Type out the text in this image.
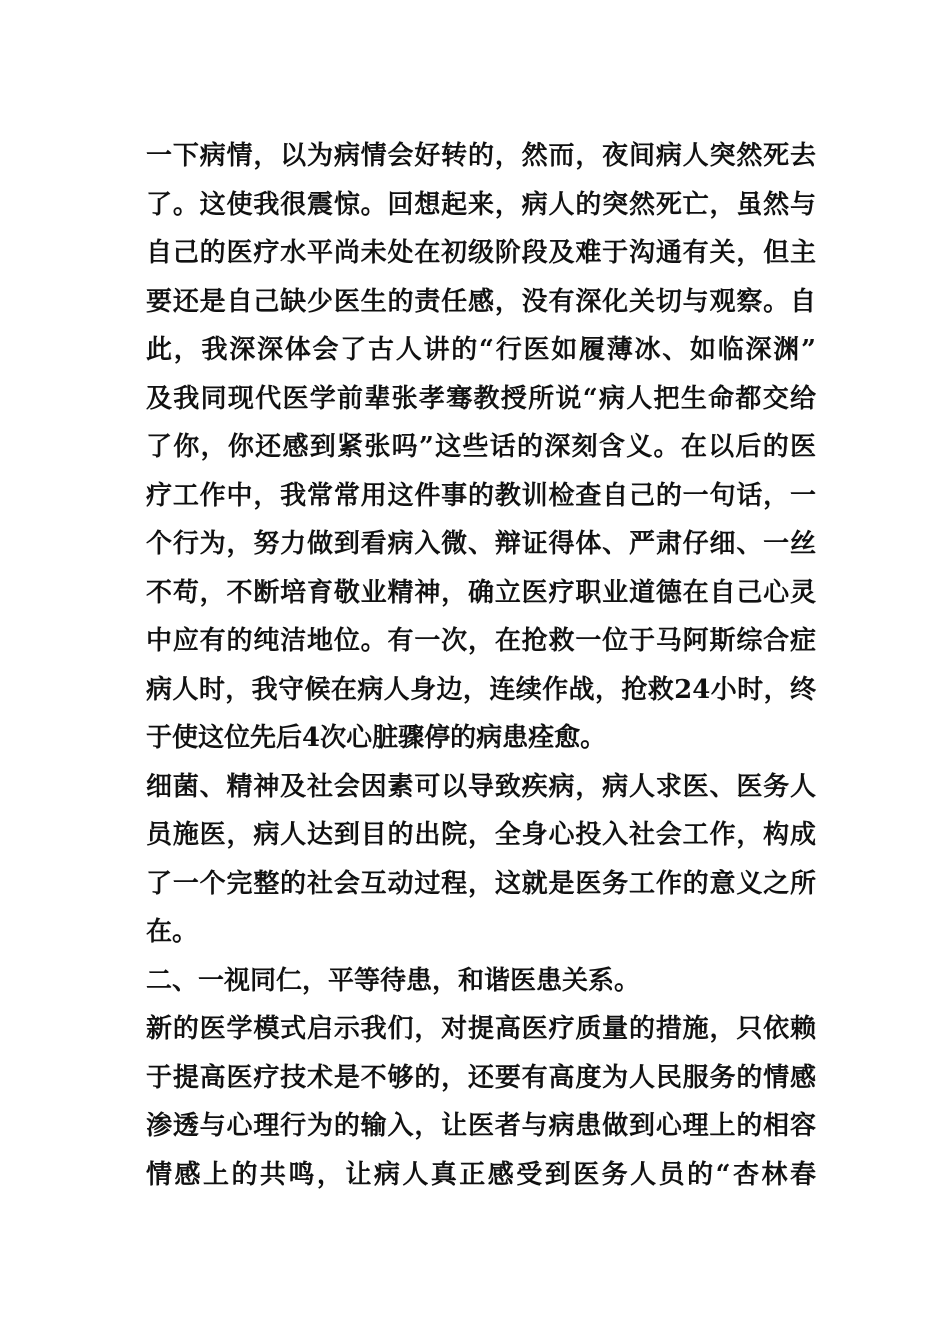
一下病情，以为病情会好转的，然而，夜间病人突然死去
了。这使我很震惊。回想起来，病人的突然死亡，虽然与
自己的医疗水平尚未处在初级阶段及难于沟通有关，但主
要还是自己缺少医生的责任感，没有深化关切与观察。自
此，我深深体会了古人讲的“行医如履薄冰、如临深渊”
及我同现代医学前辈张孝骞教授所说“病人把生命都交给
了你，你还感到紧张吗”这些话的深刻含义。在以后的医
疗工作中，我常常用这件事的教训检查自己的一句话，一
个行为，努力做到看病入微、辩证得体、严肃仔细、一丝
不苟，不断培育敬业精神，确立医疗职业道德在自己心灵
中应有的纯洁地位。有一次，在抢救一位于马阿斯综合症
病人时，我守候在病人身边，连续作战，抢救24小时，终
于使这位先后4次心脏骤停的病患痊愈。
细菌、精神及社会因素可以导致疾病，病人求医、医务人
员施医，病人达到目的出院，全身心投入社会工作，构成
了一个完整的社会互动过程，这就是医务工作的意义之所
在。
二、一视同仁，平等待患，和谐医患关系。
新的医学模式启示我们，对提高医疗质量的措施，只依赖
于提高医疗技术是不够的，还要有高度为人民服务的情感
渗透与心理行为的输入，让医者与病患做到心理上的相容
情感上的共鸣，让病人真正感受到医务人员的“杏林春
